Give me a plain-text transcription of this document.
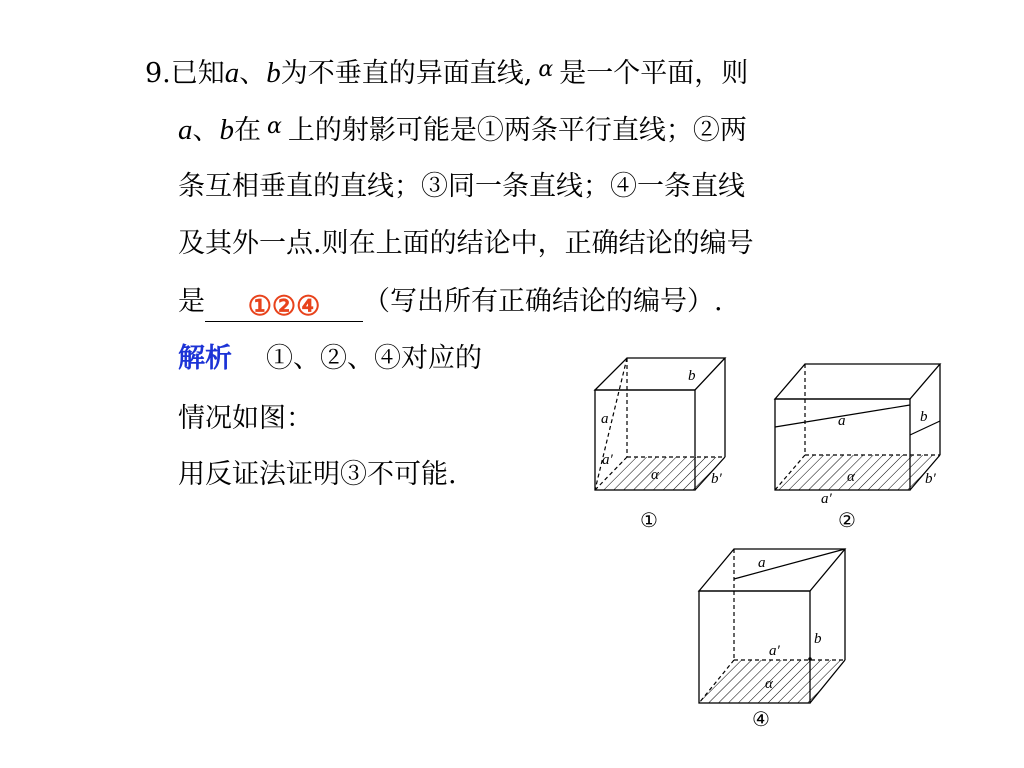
9.已知a、b为不垂直的异面直线, $^\alpha$ 是一个平面，则
a、b在 $^\alpha$ 上的射影可能是①两条平行直线；②两
条互相垂直的直线；③同一条直线；④一条直线
及其外一点.则在上面的结论中，正确结论的编号
是 ①②④ （写出所有正确结论的编号）.
解析 ①、②、④对应的
情况如图：
用反证法证明③不可能.
b
a
a′
α	b′
①
a	b
α	b′
a′
②
a
b
a′
α
④
